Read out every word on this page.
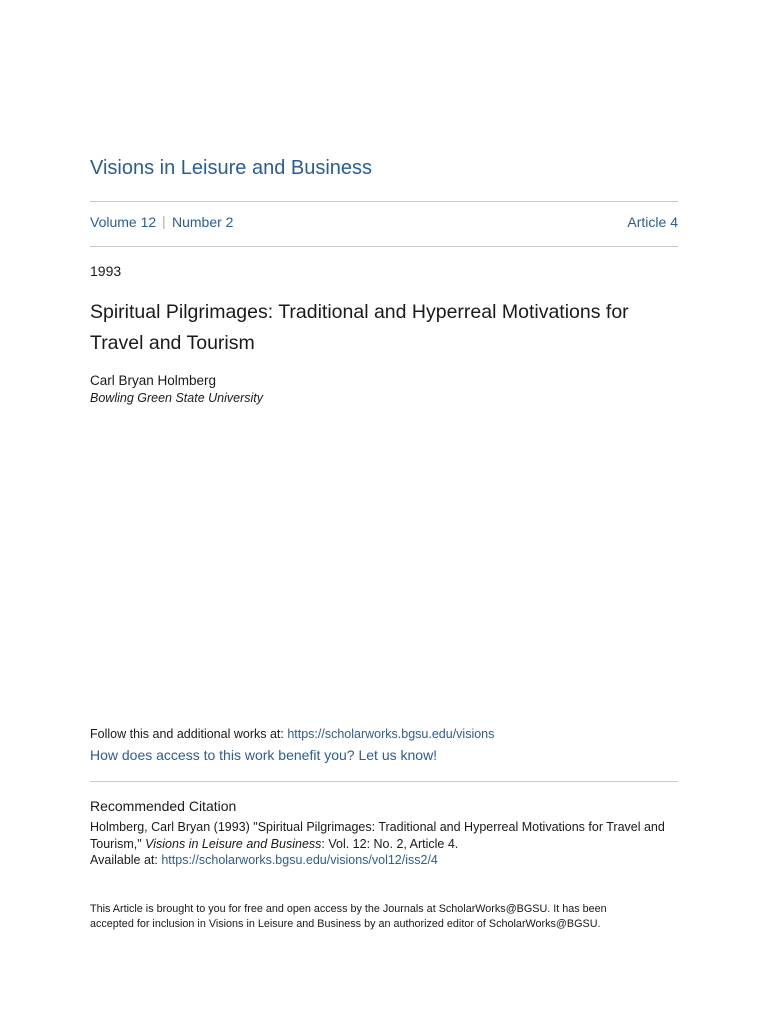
Visions in Leisure and Business
Volume 12 | Number 2	Article 4
1993
Spiritual Pilgrimages: Traditional and Hyperreal Motivations for Travel and Tourism
Carl Bryan Holmberg
Bowling Green State University
Follow this and additional works at: https://scholarworks.bgsu.edu/visions
How does access to this work benefit you? Let us know!
Recommended Citation
Holmberg, Carl Bryan (1993) "Spiritual Pilgrimages: Traditional and Hyperreal Motivations for Travel and Tourism," Visions in Leisure and Business: Vol. 12: No. 2, Article 4.
Available at: https://scholarworks.bgsu.edu/visions/vol12/iss2/4
This Article is brought to you for free and open access by the Journals at ScholarWorks@BGSU. It has been accepted for inclusion in Visions in Leisure and Business by an authorized editor of ScholarWorks@BGSU.
